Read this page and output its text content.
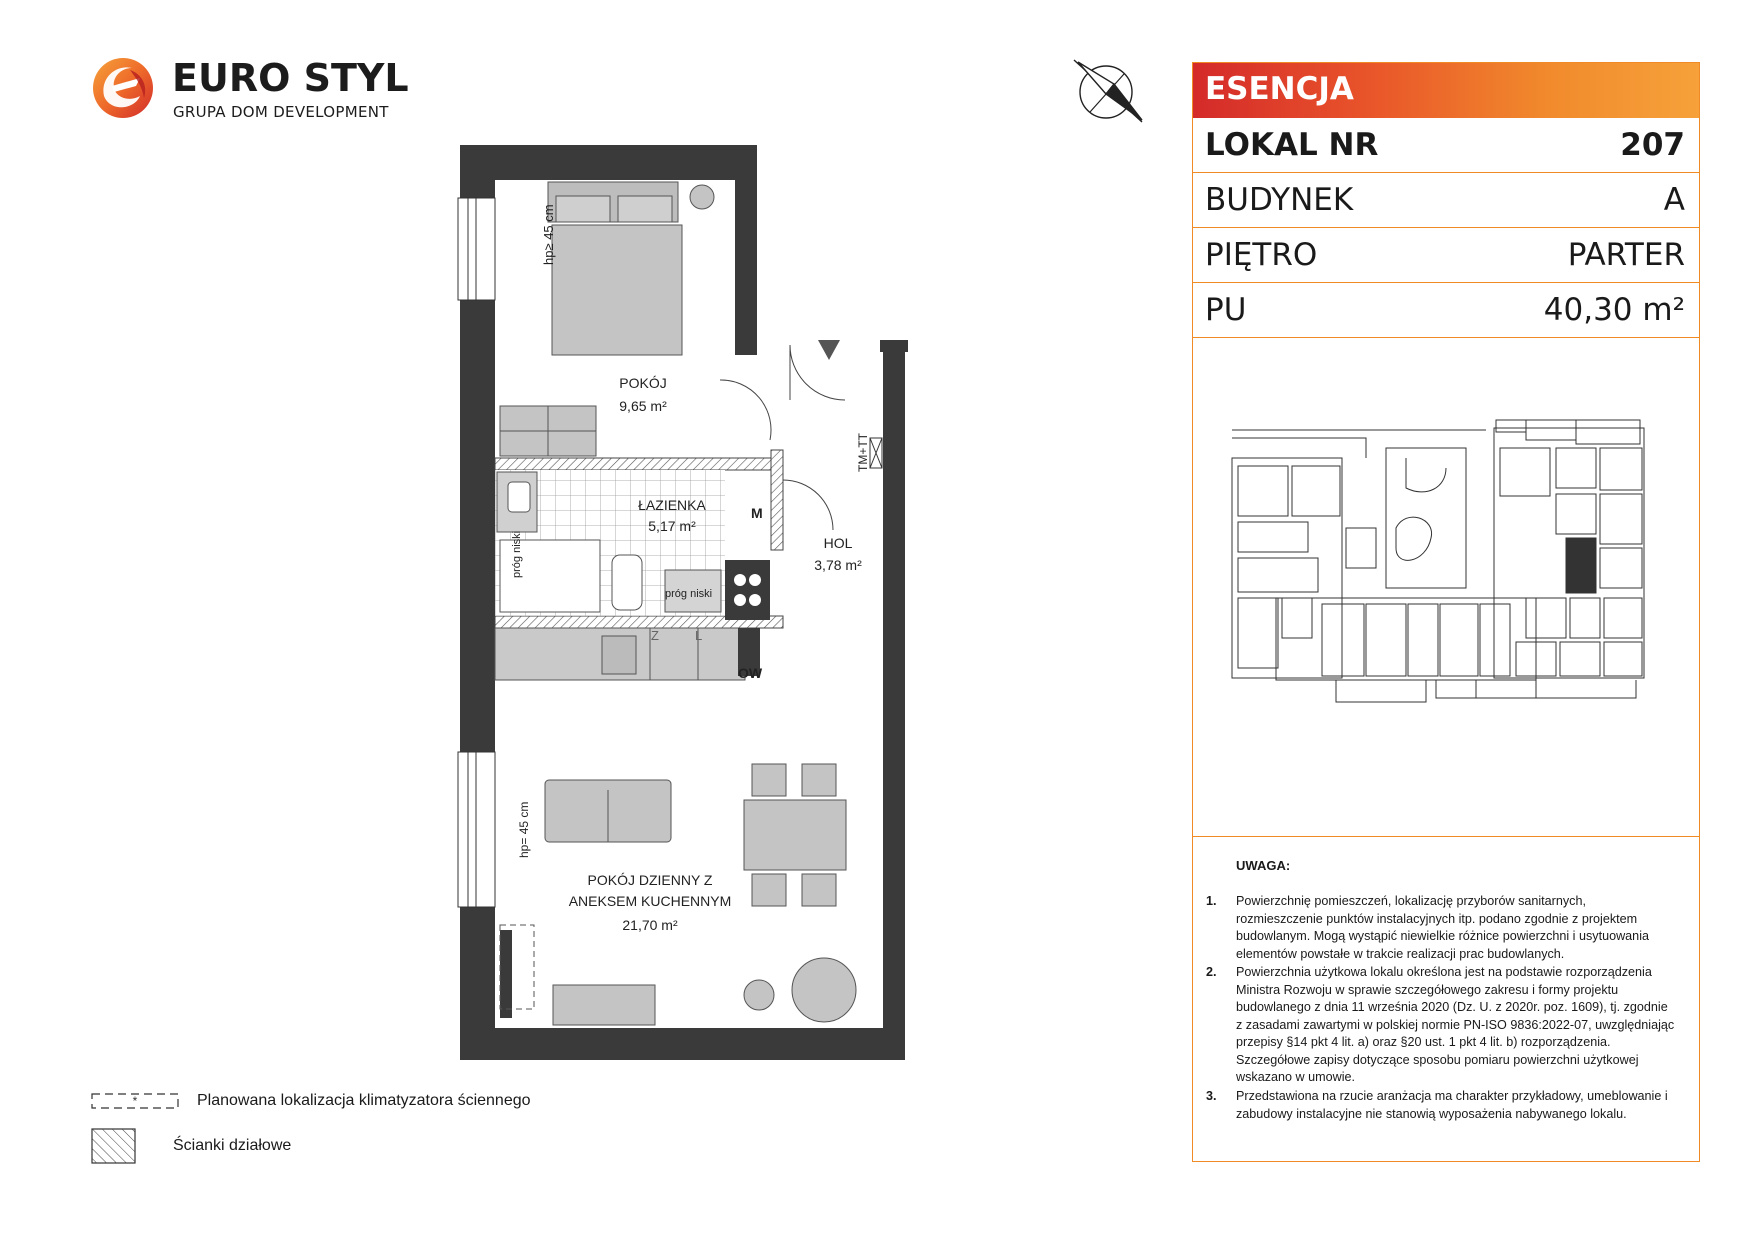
EURO STYL
GRUPA DOM DEVELOPMENT
ESENCJA
LOKAL NR	207
BUDYNEK	A
PIĘTRO	PARTER
PU	40,30 m²
UWAGA:
1. Powierzchnię pomieszczeń, lokalizację przyborów sanitarnych, rozmieszczenie punktów instalacyjnych itp. podano zgodnie z projektem budowlanym. Mogą wystąpić niewielkie różnice powierzchni i usytuowania elementów powstałe w trakcie realizacji prac budowlanych.
2. Powierzchnia użytkowa lokalu określona jest na podstawie rozporządzenia Ministra Rozwoju w sprawie szczegółowego zakresu i formy projektu budowlanego z dnia 11 września 2020 (Dz. U. z 2020r. poz. 1609), tj. zgodnie z zasadami zawartymi w polskiej normie PN-ISO 9836:2022-07, uwzględniając przepisy §14 pkt 4 lit. a) oraz §20 ust. 1 pkt 4 lit. b) rozporządzenia. Szczegółowe zapisy dotyczące sposobu pomiaru powierzchni użytkowej wskazano w umowie.
3. Przedstawiona na rzucie aranżacja ma charakter przykładowy, umeblowanie i zabudowy instalacyjne nie stanowią wyposażenia nabywanego lokalu.
hp≥ 45 cm
POKÓJ
9,65 m²
ŁAZIENKA
5,17 m²
HOL
3,78 m²
POKÓJ DZIENNY Z
ANEKSEM KUCHENNYM
21,70 m²
próg niski
próg niski
hp= 45 cm
TM+TT
M
OW
Z	L
*	Planowana lokalizacja klimatyzatora ściennego
Ścianki działowe
